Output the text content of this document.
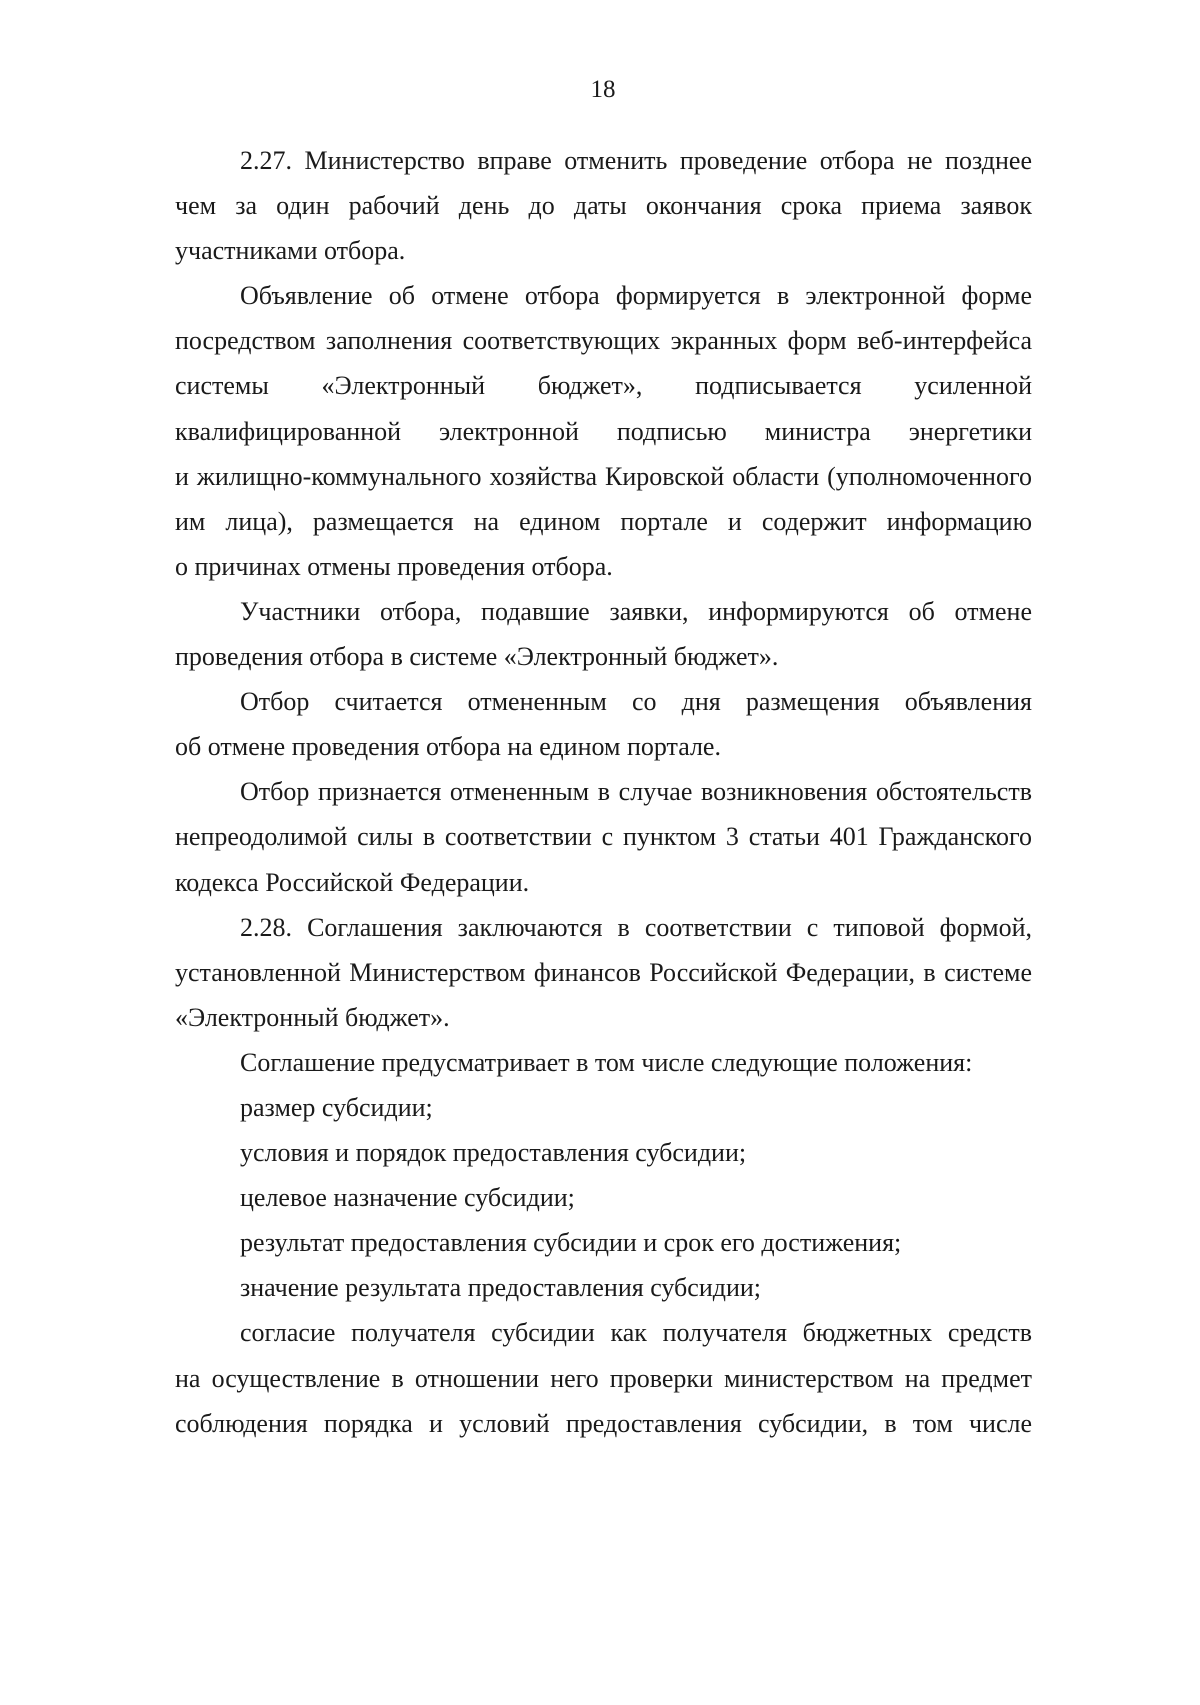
18
2.27. Министерство вправе отменить проведение отбора не позднее
чем за один рабочий день до даты окончания срока приема заявок
участниками отбора.
Объявление об отмене отбора формируется в электронной форме
посредством заполнения соответствующих экранных форм веб-интерфейса
системы «Электронный бюджет», подписывается усиленной
квалифицированной электронной подписью министра энергетики
и жилищно-коммунального хозяйства Кировской области (уполномоченного
им лица), размещается на едином портале и содержит информацию
о причинах отмены проведения отбора.
Участники отбора, подавшие заявки, информируются об отмене
проведения отбора в системе «Электронный бюджет».
Отбор считается отмененным со дня размещения объявления
об отмене проведения отбора на едином портале.
Отбор признается отмененным в случае возникновения обстоятельств
непреодолимой силы в соответствии с пунктом 3 статьи 401 Гражданского
кодекса Российской Федерации.
2.28. Соглашения заключаются в соответствии с типовой формой,
установленной Министерством финансов Российской Федерации, в системе
«Электронный бюджет».
Соглашение предусматривает в том числе следующие положения:
размер субсидии;
условия и порядок предоставления субсидии;
целевое назначение субсидии;
результат предоставления субсидии и срок его достижения;
значение результата предоставления субсидии;
согласие получателя субсидии как получателя бюджетных средств
на осуществление в отношении него проверки министерством на предмет
соблюдения порядка и условий предоставления субсидии, в том числе
